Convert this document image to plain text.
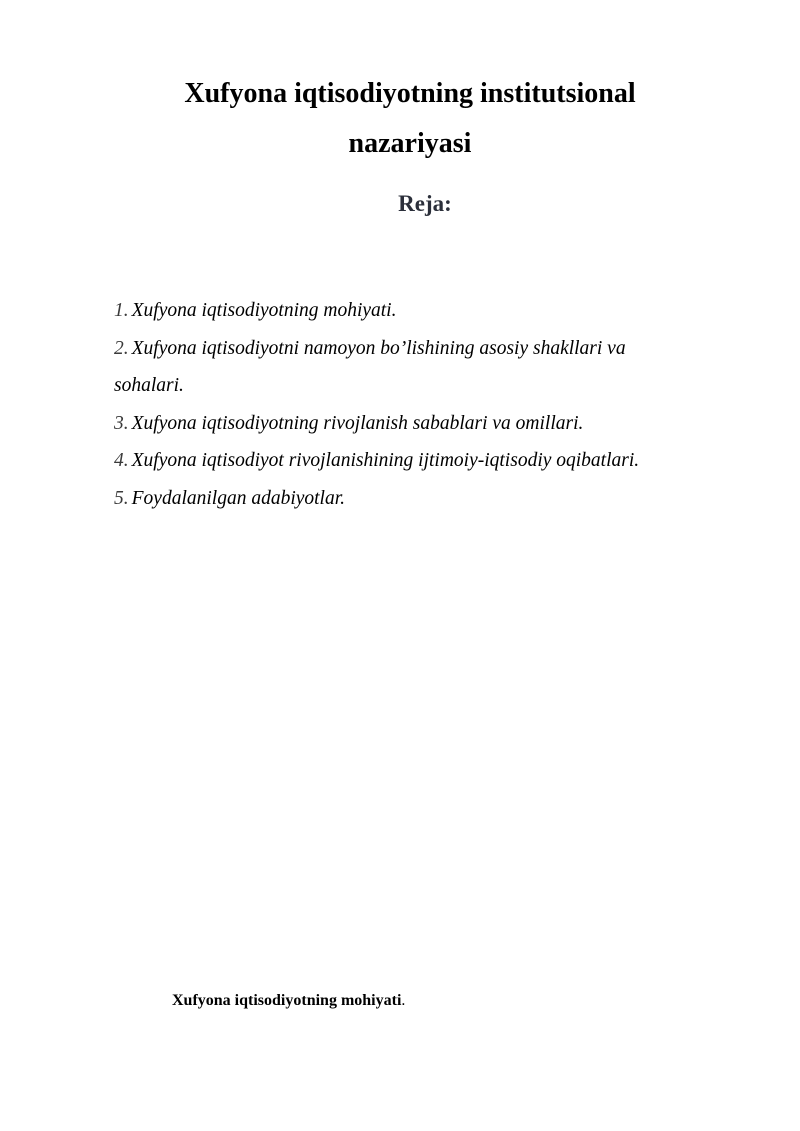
Xufyona iqtisodiyotning institutsional
nazariyasi
Reja:
1. Xufyona iqtisodiyotning mohiyati.
2. Xufyona iqtisodiyotni namoyon bo’lishining asosiy shakllari va
sohalari.
3. Xufyona iqtisodiyotning rivojlanish sabablari va omillari.
4. Xufyona iqtisodiyot rivojlanishining ijtimoiy-iqtisodiy oqibatlari.
5. Foydalanilgan adabiyotlar.
Xufyona iqtisodiyotning mohiyati.
